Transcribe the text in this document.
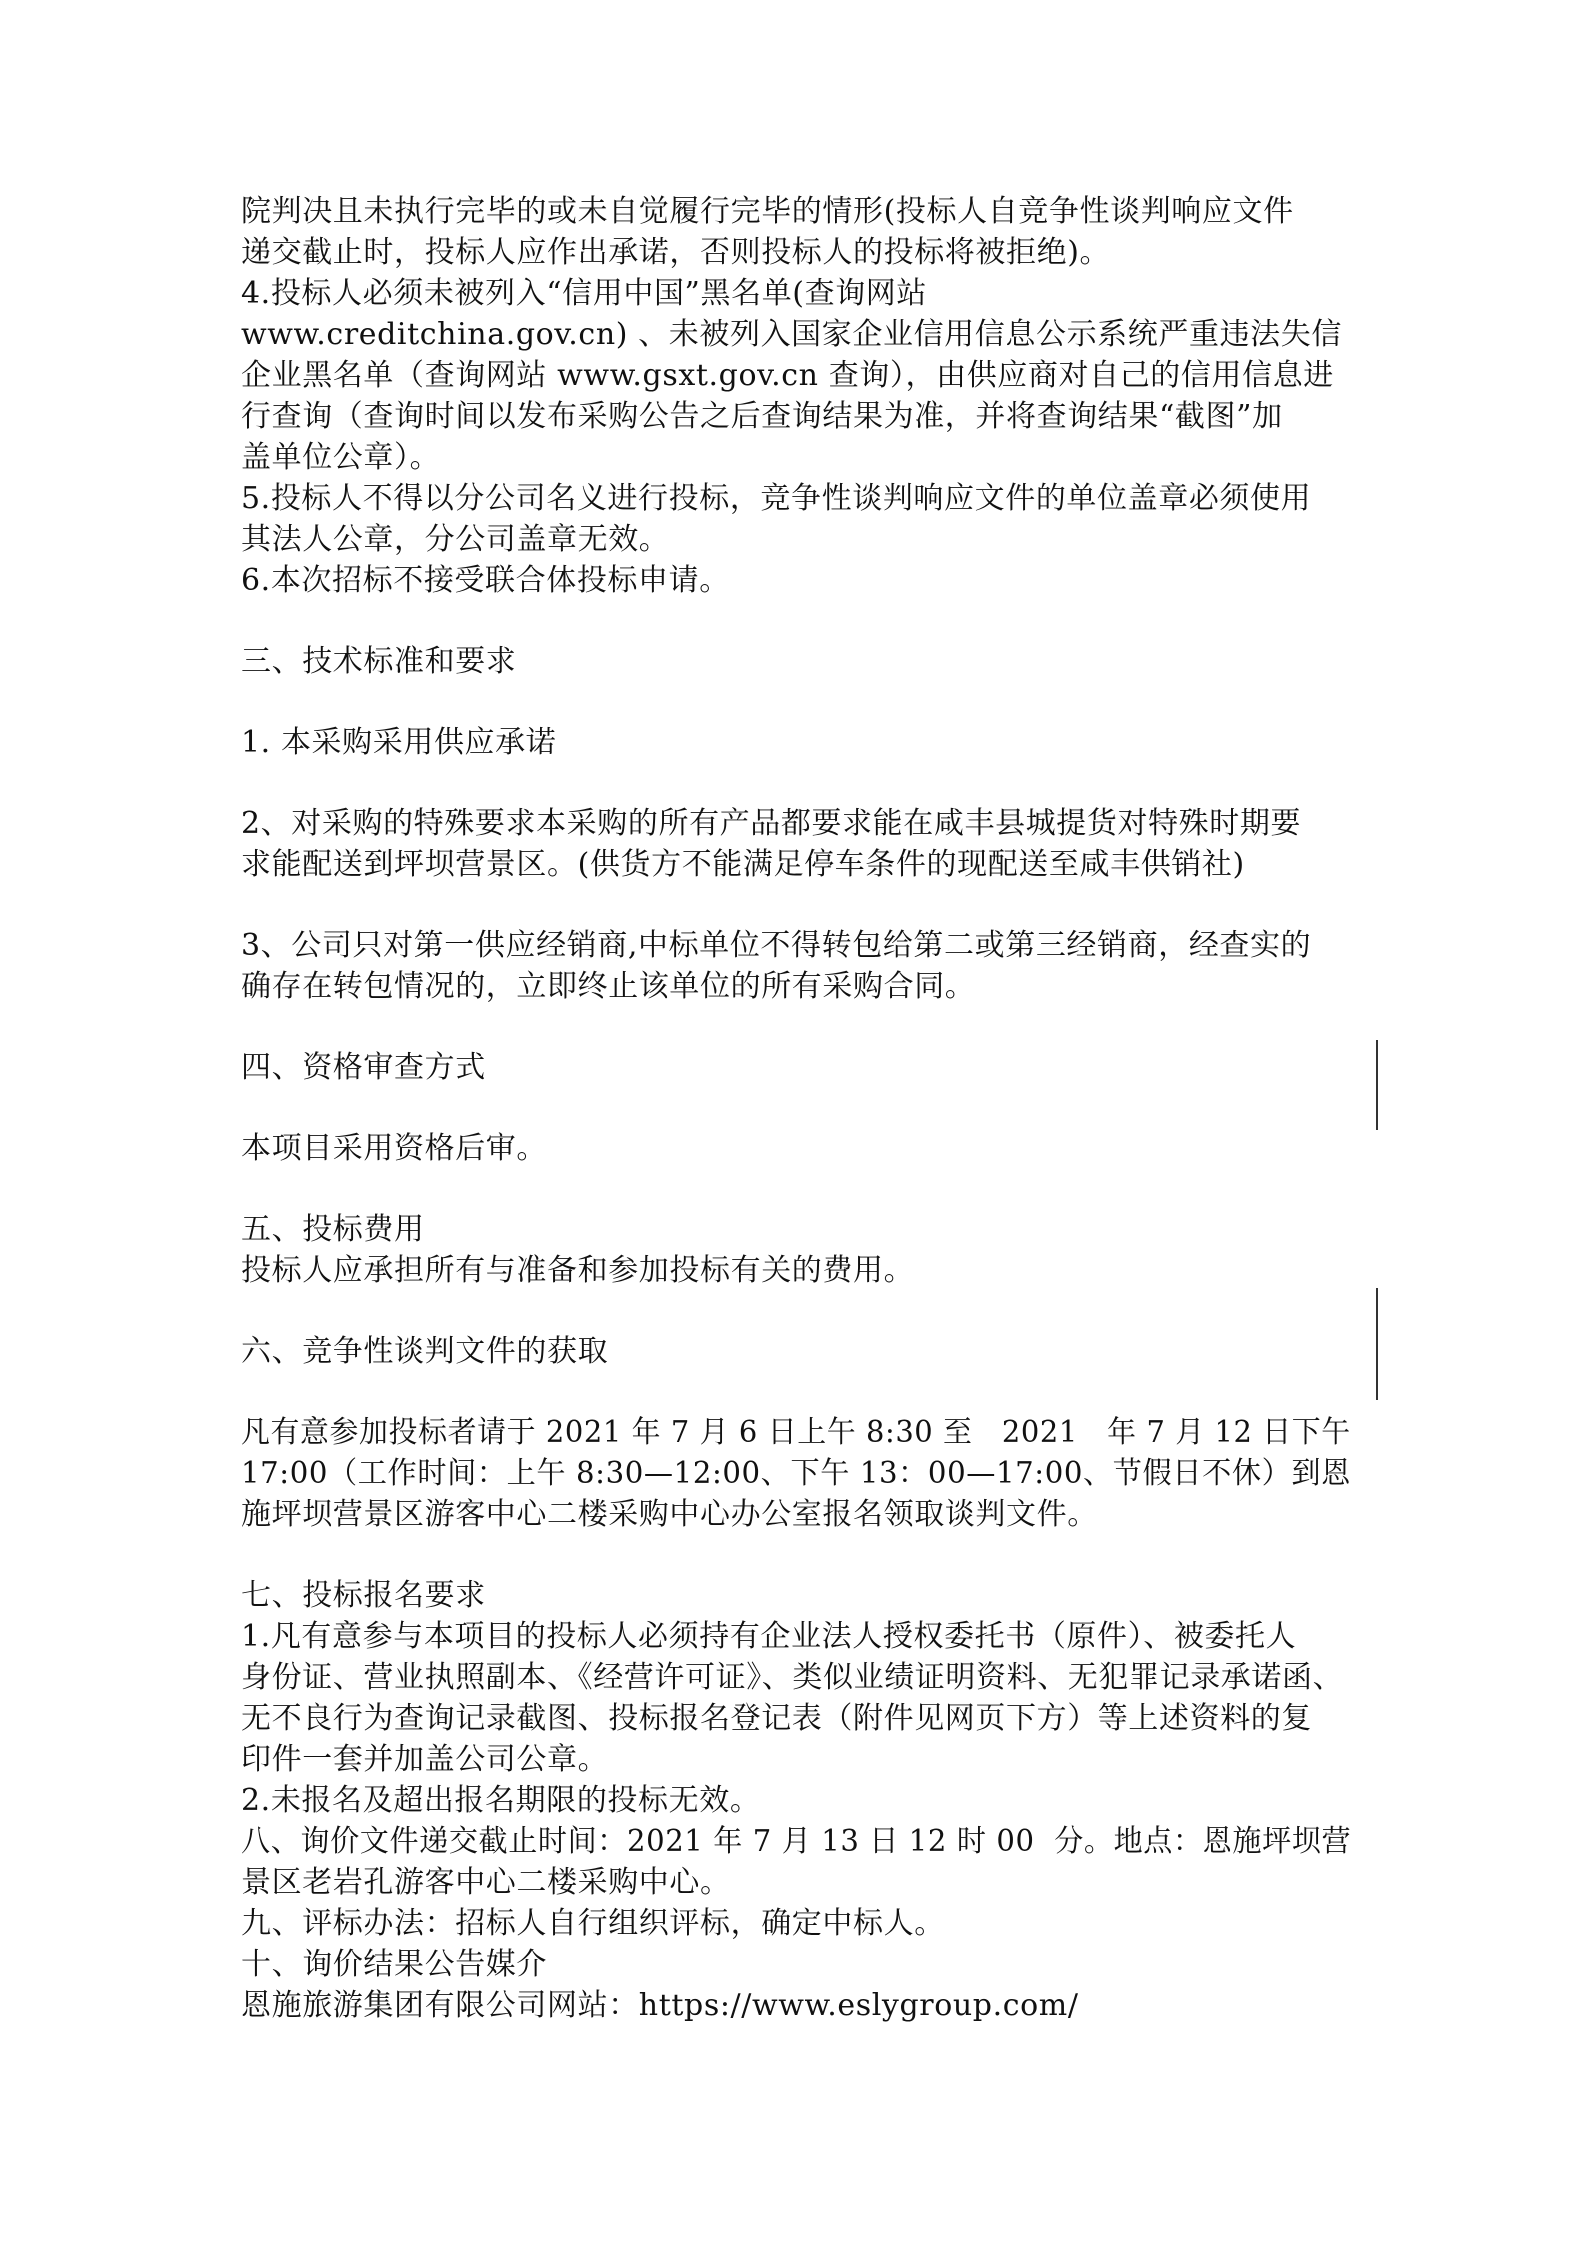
院判决且未执行完毕的或未自觉履行完毕的情形(投标人自竞争性谈判响应文件
递交截止时，投标人应作出承诺，否则投标人的投标将被拒绝)。
4.投标人必须未被列入“信用中国”黑名单(查询网站
www.creditchina.gov.cn) 、未被列入国家企业信用信息公示系统严重违法失信
企业黑名单（查询网站 www.gsxt.gov.cn 查询），由供应商对自己的信用信息进
行查询（查询时间以发布采购公告之后查询结果为准，并将查询结果“截图”加
盖单位公章）。
5.投标人不得以分公司名义进行投标，竞争性谈判响应文件的单位盖章必须使用
其法人公章，分公司盖章无效。
6.本次招标不接受联合体投标申请。
三、技术标准和要求
1. 本采购采用供应承诺
2、对采购的特殊要求本采购的所有产品都要求能在咸丰县城提货对特殊时期要
求能配送到坪坝营景区。(供货方不能满足停车条件的现配送至咸丰供销社)
3、公司只对第一供应经销商,中标单位不得转包给第二或第三经销商，经查实的
确存在转包情况的，立即终止该单位的所有采购合同。
四、资格审查方式
本项目采用资格后审。
五、投标费用
投标人应承担所有与准备和参加投标有关的费用。
六、竞争性谈判文件的获取
凡有意参加投标者请于 2021 年 7 月 6 日上午 8:30 至   2021   年 7 月 12 日下午
17:00（工作时间：上午 8:30—12:00、下午 13：00—17:00、节假日不休）到恩
施坪坝营景区游客中心二楼采购中心办公室报名领取谈判文件。
七、投标报名要求
1.凡有意参与本项目的投标人必须持有企业法人授权委托书（原件）、被委托人
身份证、营业执照副本、《经营许可证》、类似业绩证明资料、无犯罪记录承诺函、
无不良行为查询记录截图、投标报名登记表（附件见网页下方）等上述资料的复
印件一套并加盖公司公章。
2.未报名及超出报名期限的投标无效。
八、询价文件递交截止时间：2021 年 7 月 13 日 12 时 00  分。地点：恩施坪坝营
景区老岩孔游客中心二楼采购中心。
九、评标办法：招标人自行组织评标，确定中标人。
十、询价结果公告媒介
恩施旅游集团有限公司网站：https://www.eslygroup.com/
